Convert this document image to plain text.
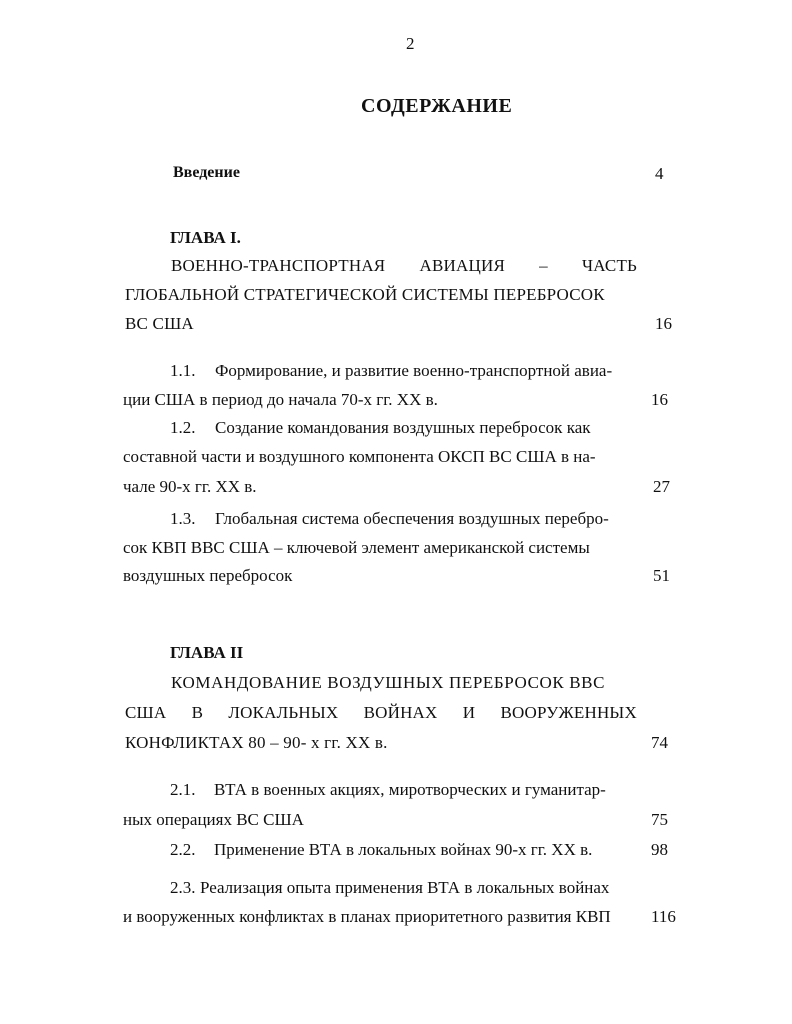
2
СОДЕРЖАНИЕ
Введение	4
ГЛАВА I.
ВОЕННО-ТРАНСПОРТНАЯ АВИАЦИЯ – ЧАСТЬ
ГЛОБАЛЬНОЙ СТРАТЕГИЧЕСКОЙ СИСТЕМЫ ПЕРЕБРОСОК
ВС США	16
1.1. Формирование, и развитие военно-транспортной авиа-
ции США в период до начала 70-х гг. XX в.	16
1.2. Создание командования воздушных перебросок как
составной части и воздушного компонента ОКСП ВС США в на-
чале 90-х гг. XX в.	27
1.3. Глобальная система обеспечения воздушных перебро-
сок КВП ВВС США – ключевой элемент американской системы
воздушных перебросок	51
ГЛАВА II
КОМАНДОВАНИЕ ВОЗДУШНЫХ ПЕРЕБРОСОК ВВС
США В ЛОКАЛЬНЫХ ВОЙНАХ И ВООРУЖЕННЫХ
КОНФЛИКТАХ 80 – 90- х гг. XX в.	74
2.1. ВТА в военных акциях, миротворческих и гуманитар-
ных операциях ВС США	75
2.2. Применение ВТА в локальных войнах 90-х гг. XX в.	98
2.3. Реализация опыта применения ВТА в локальных войнах
и вооруженных конфликтах в планах приоритетного развития КВП 116
